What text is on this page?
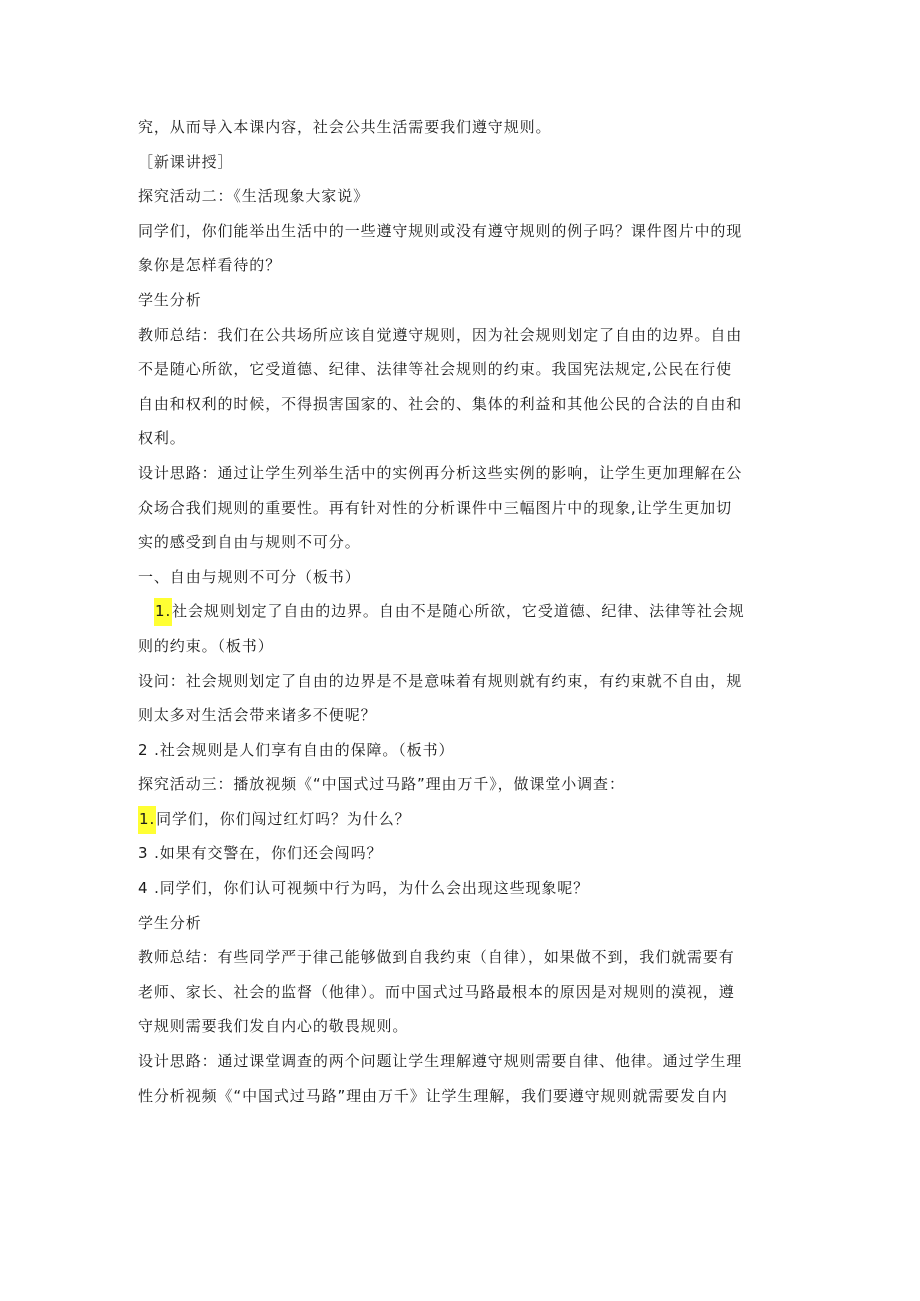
究，从而导入本课内容，社会公共生活需要我们遵守规则。
［新课讲授］
探究活动二：《生活现象大家说》
同学们，你们能举出生活中的一些遵守规则或没有遵守规则的例子吗？课件图片中的现
象你是怎样看待的？
学生分析
教师总结：我们在公共场所应该自觉遵守规则，因为社会规则划定了自由的边界。自由
不是随心所欲，它受道德、纪律、法律等社会规则的约束。我国宪法规定,公民在行使
自由和权利的时候，不得损害国家的、社会的、集体的利益和其他公民的合法的自由和
权利。
设计思路：通过让学生列举生活中的实例再分析这些实例的影响，让学生更加理解在公
众场合我们规则的重要性。再有针对性的分析课件中三幅图片中的现象,让学生更加切
实的感受到自由与规则不可分。
一、自由与规则不可分（板书）
1.社会规则划定了自由的边界。自由不是随心所欲，它受道德、纪律、法律等社会规
则的约束。（板书）
设问：社会规则划定了自由的边界是不是意味着有规则就有约束，有约束就不自由，规
则太多对生活会带来诸多不便呢？
2 .社会规则是人们享有自由的保障。（板书）
探究活动三：播放视频《“中国式过马路”理由万千》，做课堂小调查：
1.同学们，你们闯过红灯吗？为什么？
3 .如果有交警在，你们还会闯吗？
4 .同学们，你们认可视频中行为吗，为什么会出现这些现象呢？
学生分析
教师总结：有些同学严于律己能够做到自我约束（自律），如果做不到，我们就需要有
老师、家长、社会的监督（他律）。而中国式过马路最根本的原因是对规则的漠视，遵
守规则需要我们发自内心的敬畏规则。
设计思路：通过课堂调查的两个问题让学生理解遵守规则需要自律、他律。通过学生理
性分析视频《“中国式过马路”理由万千》让学生理解，我们要遵守规则就需要发自内
